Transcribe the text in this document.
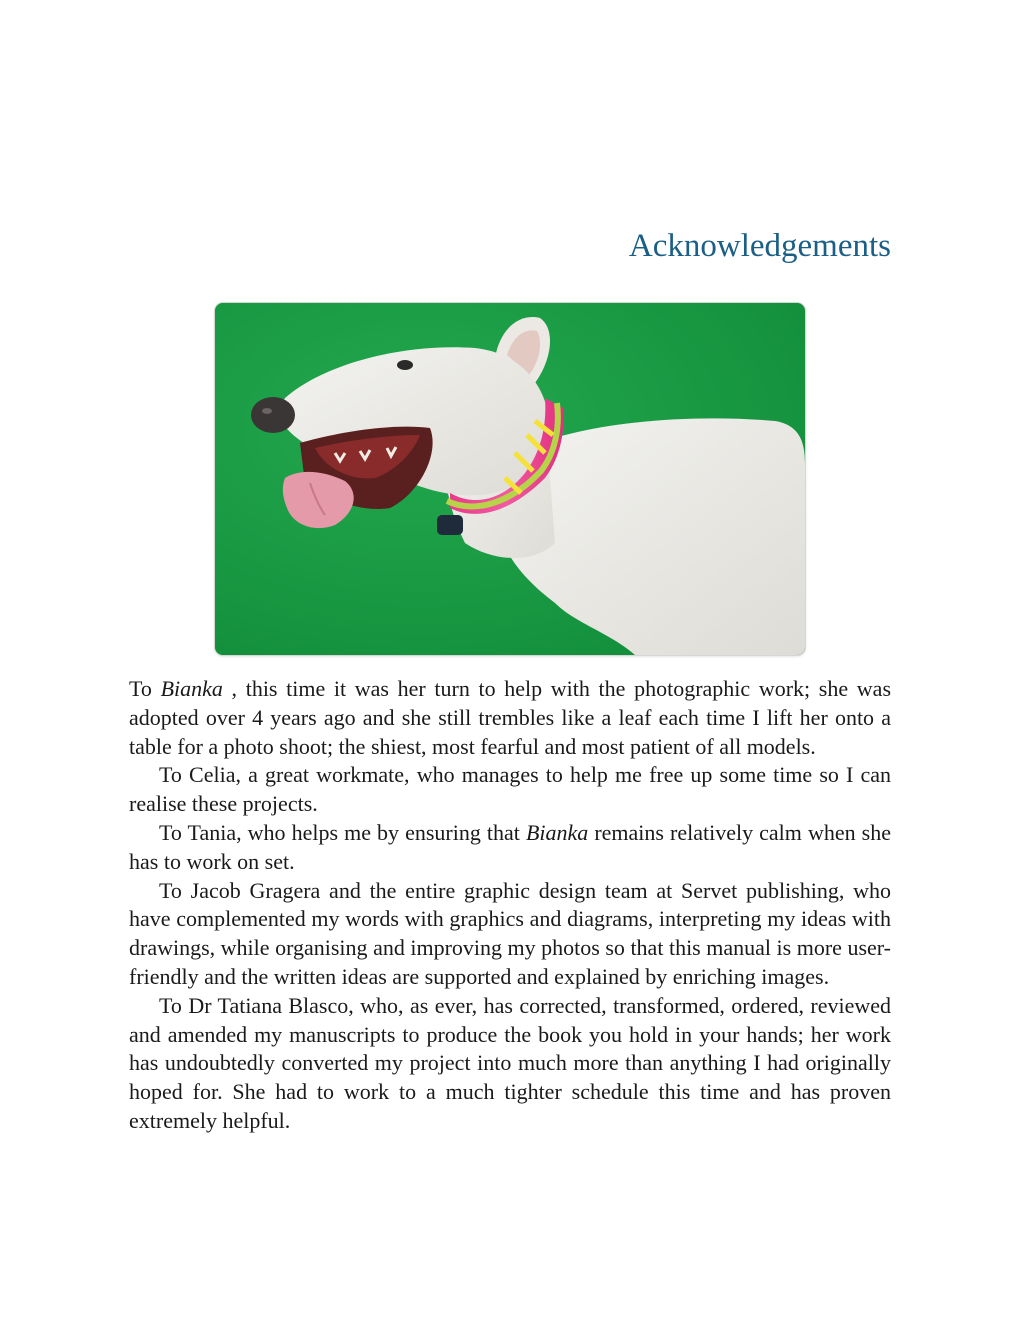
Acknowledgements

To Bianka , this time it was her turn to help with the photographic work; she was adopted over 4 years ago and she still trembles like a leaf each time I lift her onto a table for a photo shoot; the shiest, most fearful and most patient of all models.

To Celia, a great workmate, who manages to help me free up some time so I can realise these projects.

To Tania, who helps me by ensuring that Bianka remains relatively calm when she has to work on set.

To Jacob Gragera and the entire graphic design team at Servet publishing, who have complemented my words with graphics and diagrams, interpreting my ideas with drawings, while organising and improving my photos so that this manual is more user-friendly and the written ideas are supported and explained by enriching images.

To Dr Tatiana Blasco, who, as ever, has corrected, transformed, ordered, reviewed and amended my manuscripts to produce the book you hold in your hands; her work has undoubtedly converted my project into much more than anything I had originally hoped for. She had to work to a much tighter schedule this time and has proven extremely helpful.
